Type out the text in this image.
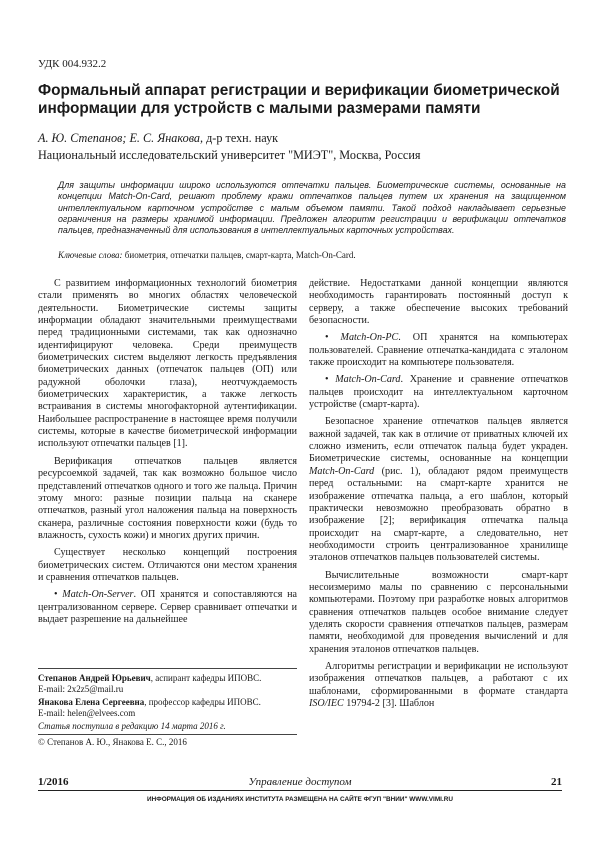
УДК 004.932.2
Формальный аппарат регистрации и верификации биометрической информации для устройств с малыми размерами памяти
А. Ю. Степанов; Е. С. Янакова, д-р техн. наук
Национальный исследовательский университет "МИЭТ", Москва, Россия
Для защиты информации широко используются отпечатки пальцев. Биометрические системы, основанные на концепции Match-On-Card, решают проблему кражи отпечатков пальцев путем их хранения на защищенном интеллектуальном карточном устройстве с малым объемом памяти. Такой подход накладывает серьезные ограничения на размеры хранимой информации. Предложен алгоритм регистрации и верификации отпечатков пальцев, предназначенный для использования в интеллектуальных карточных устройствах.
Ключевые слова: биометрия, отпечатки пальцев, смарт-карта, Match-On-Card.

С развитием информационных технологий биометрия стали применять во многих областях человеческой деятельности. Биометрические системы защиты информации обладают значительными преимуществами перед традиционными системами, так как однозначно идентифицируют человека. Среди преимуществ биометрических систем выделяют легкость предъявления биометрических данных (отпечаток пальцев (ОП) или радужной оболочки глаза), неотчуждаемость биометрических характеристик, а также легкость встраивания в системы многофакторной аутентификации. Наибольшее распространение в настоящее время получили системы, которые в качестве биометрической информации используют отпечатки пальцев [1].

Верификация отпечатков пальцев является ресурсоемкой задачей, так как возможно большое число представлений отпечатков одного и того же пальца. Причин этому много: разные позиции пальца на сканере отпечатков, разный угол наложения пальца на поверхность сканера, различные состояния поверхности кожи (будь то влажность, сухость кожи) и многих других причин.

Существует несколько концепций построения биометрических систем. Отличаются они местом хранения и сравнения отпечатков пальцев.

• Match-On-Server. ОП хранятся и сопоставляются на централизованном сервере. Сервер сравнивает отпечатки и выдает разрешение на дальнейшее

Степанов Андрей Юрьевич, аспирант кафедры ИПОВС.
E-mail: 2x2z5@mail.ru
Янакова Елена Сергеевна, профессор кафедры ИПОВС.
E-mail: helen@elvees.com
Статья поступила в редакцию 14 марта 2016 г.
© Степанов А. Ю., Янакова Е. С., 2016

действие. Недостатками данной концепции являются необходимость гарантировать постоянный доступ к серверу, а также обеспечение высоких требований безопасности.

• Match-On-PC. ОП хранятся на компьютерах пользователей. Сравнение отпечатка-кандидата с эталоном также происходит на компьютере пользователя.

• Match-On-Card. Хранение и сравнение отпечатков пальцев происходит на интеллектуальном карточном устройстве (смарт-карта).

Безопасное хранение отпечатков пальцев является важной задачей, так как в отличие от приватных ключей их сложно изменить, если отпечаток пальца будет украден. Биометрические системы, основанные на концепции Match-On-Card (рис. 1), обладают рядом преимуществ перед остальными: на смарт-карте хранится не изображение отпечатка пальца, а его шаблон, который практически невозможно преобразовать обратно в изображение [2]; верификация отпечатка пальца происходит на смарт-карте, а следовательно, нет необходимости строить централизованное хранилище эталонов отпечатков пальцев пользователей системы.

Вычислительные возможности смарт-карт несоизмеримо малы по сравнению с персональными компьютерами. Поэтому при разработке новых алгоритмов сравнения отпечатков пальцев особое внимание следует уделять скорости сравнения отпечатков пальцев, размерам памяти, необходимой для проведения вычислений и для хранения эталонов отпечатков пальцев.

Алгоритмы регистрации и верификации не используют изображения отпечатков пальцев, а работают с их шаблонами, сформированными в формате стандарта ISO/IEC 19794-2 [3]. Шаблон

1/2016	Управление доступом	21
ИНФОРМАЦИЯ ОБ ИЗДАНИЯХ ИНСТИТУТА РАЗМЕЩЕНА НА САЙТЕ ФГУП "ВНИИ" WWW.VIMI.RU
